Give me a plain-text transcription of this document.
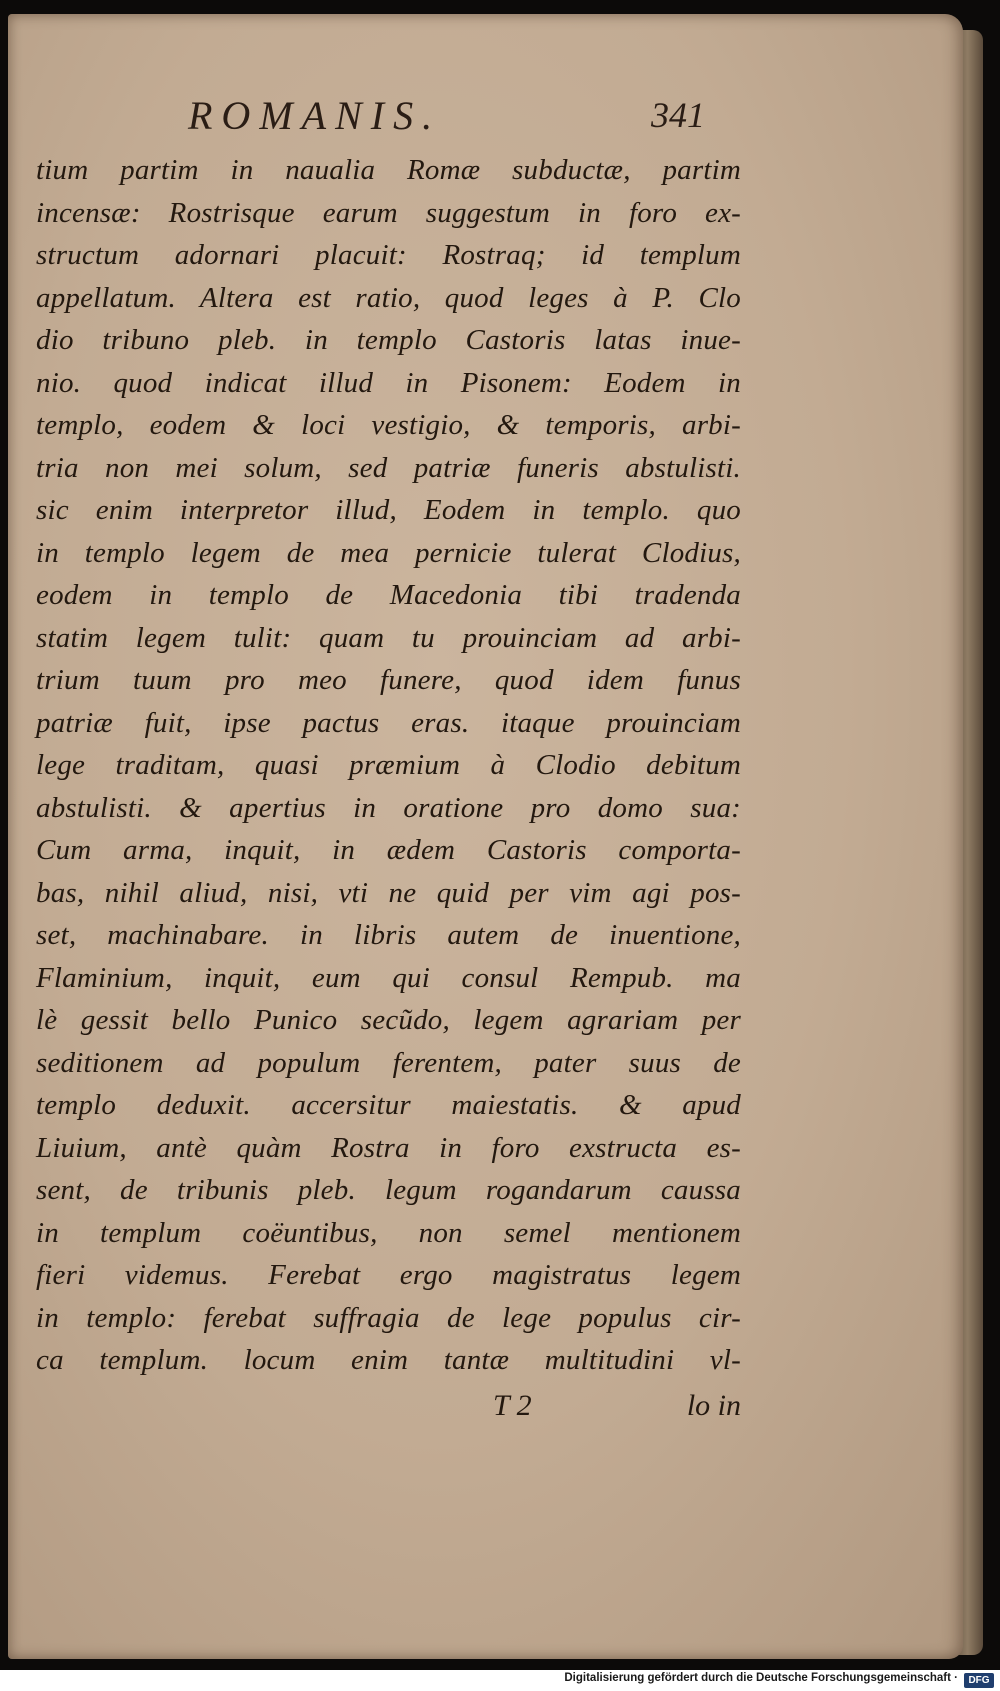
ROMANIS.	341
tium partim in naualia Romæ subductæ, partim
incensæ: Rostrisque earum suggestum in foro ex-
structum adornari placuit: Rostraq; id templum
appellatum. Altera est ratio, quod leges à P. Clo
dio tribuno pleb. in templo Castoris latas inue-
nio. quod indicat illud in Pisonem: Eodem in
templo, eodem & loci vestigio, & temporis, arbi-
tria non mei solum, sed patriæ funeris abstulisti.
sic enim interpretor illud, Eodem in templo. quo
in templo legem de mea pernicie tulerat Clodius,
eodem in templo de Macedonia tibi tradenda
statim legem tulit: quam tu prouinciam ad arbi-
trium tuum pro meo funere, quod idem funus
patriæ fuit, ipse pactus eras. itaque prouinciam
lege traditam, quasi præmium à Clodio debitum
abstulisti. & apertius in oratione pro domo sua:
Cum arma, inquit, in ædem Castoris comporta-
bas, nihil aliud, nisi, vti ne quid per vim agi pos-
set, machinabare. in libris autem de inuentione,
Flaminium, inquit, eum qui consul Rempub. ma
lè gessit bello Punico secũdo, legem agrariam per
seditionem ad populum ferentem, pater suus de
templo deduxit. accersitur maiestatis. & apud
Liuium, antè quàm Rostra in foro exstructa es-
sent, de tribunis pleb. legum rogandarum caussa
in templum coëuntibus, non semel mentionem
fieri videmus. Ferebat ergo magistratus legem
in templo: ferebat suffragia de lege populus cir-
ca templum. locum enim tantæ multitudini vl-
T 2	lo in
Digitalisierung gefördert durch die Deutsche Forschungsgemeinschaft ·	DFG
